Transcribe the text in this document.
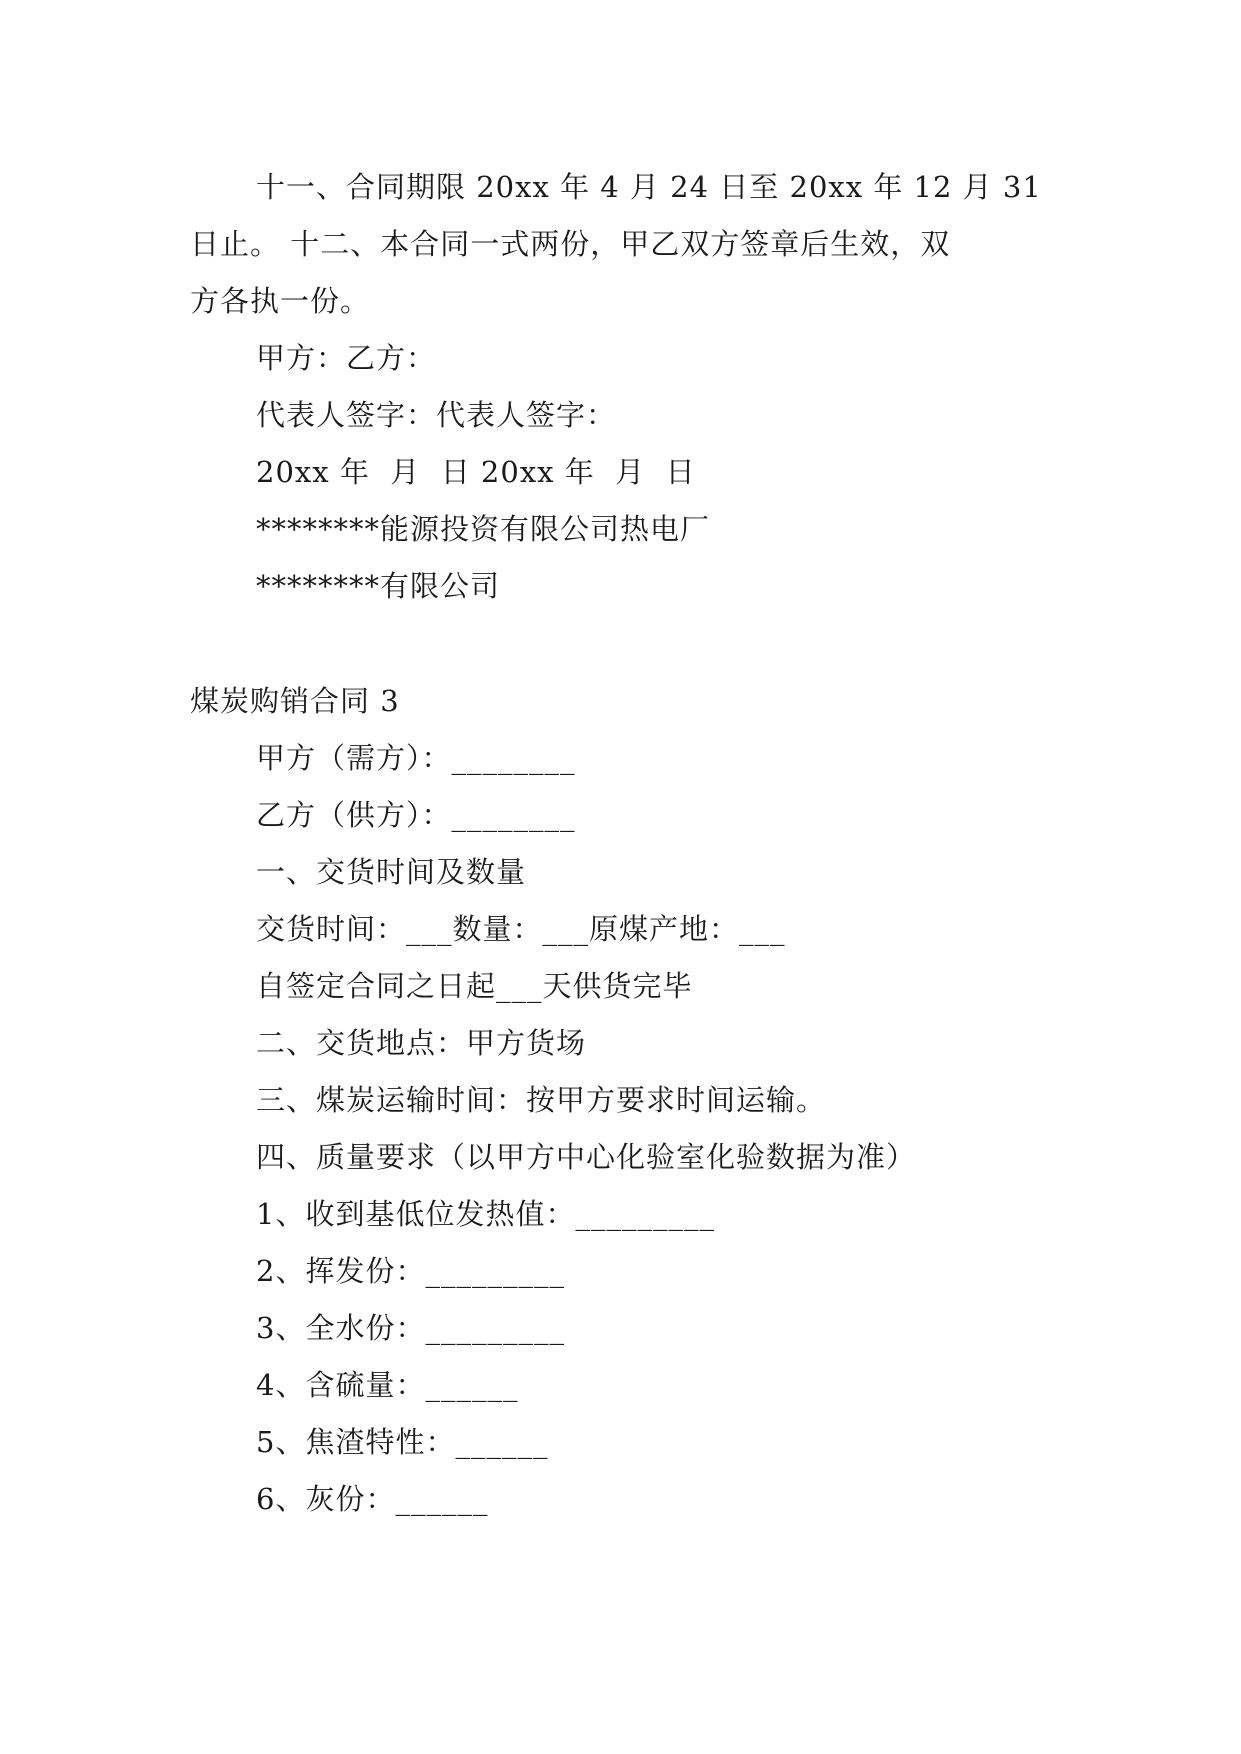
十一、合同期限 20xx 年 4 月 24 日至 20xx 年 12 月 31

日止。 十二、本合同一式两份，甲乙双方签章后生效，双

方各执一份。

甲方：乙方：

代表人签字：代表人签字：

20xx 年  月  日 20xx 年  月  日

********能源投资有限公司热电厂

********有限公司

煤炭购销合同 3

甲方（需方）：________

乙方（供方）：________

一、交货时间及数量

交货时间：___数量：___原煤产地：___

自签定合同之日起___天供货完毕

二、交货地点：甲方货场

三、煤炭运输时间：按甲方要求时间运输。

四、质量要求（以甲方中心化验室化验数据为准）

1、收到基低位发热值：_________

2、挥发份：_________

3、全水份：_________

4、含硫量：______

5、焦渣特性：______

6、灰份：______
